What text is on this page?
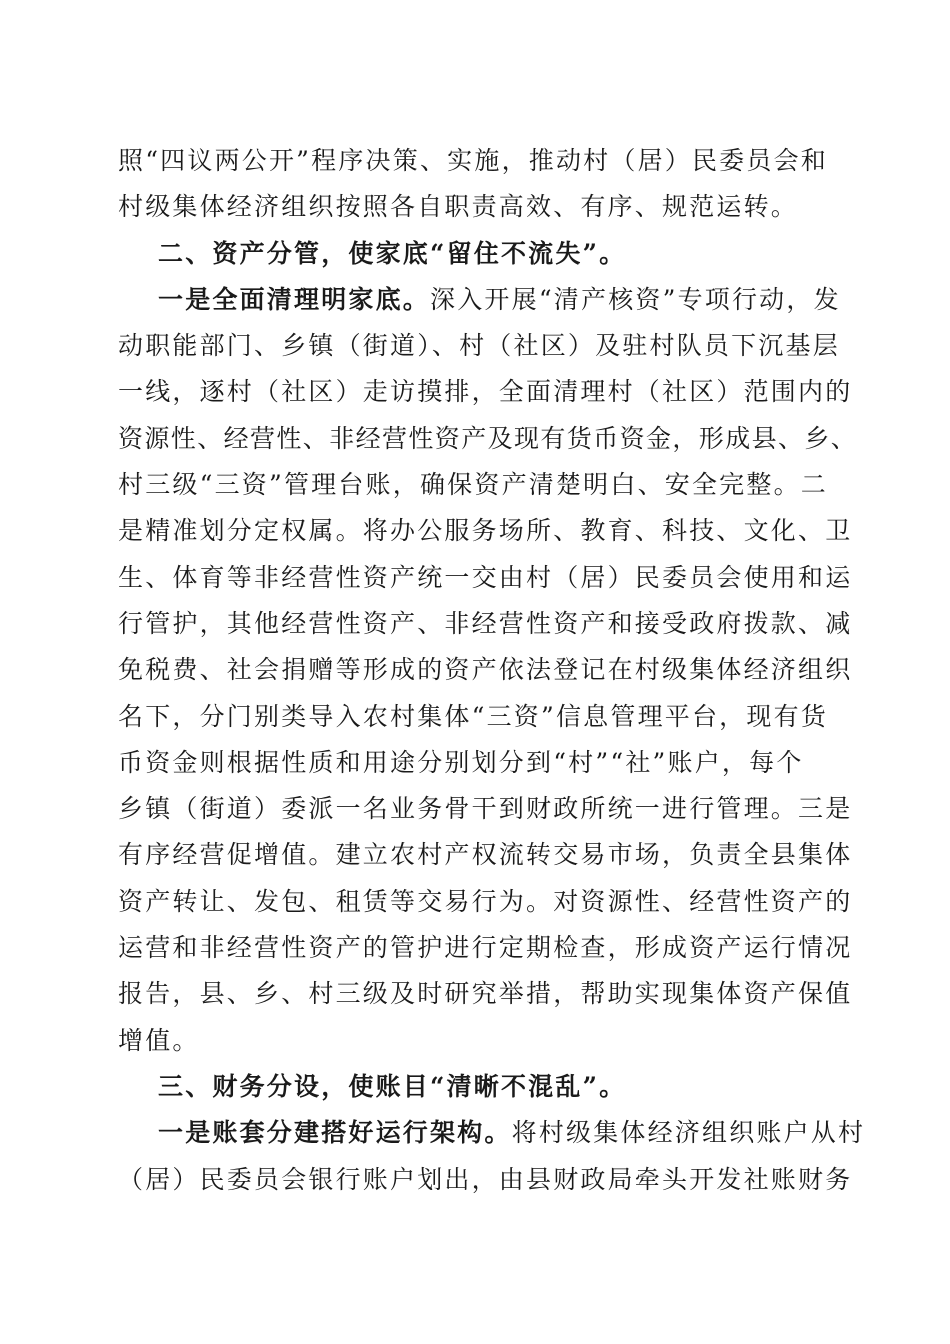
照“四议两公开”程序决策、实施，推动村（居）民委员会和
村级集体经济组织按照各自职责高效、有序、规范运转。
二、资产分管，使家底“留住不流失”。
一是全面清理明家底。深入开展“清产核资”专项行动，发
动职能部门、乡镇（街道）、村（社区）及驻村队员下沉基层
一线，逐村（社区）走访摸排，全面清理村（社区）范围内的
资源性、经营性、非经营性资产及现有货币资金，形成县、乡、
村三级“三资”管理台账，确保资产清楚明白、安全完整。二
是精准划分定权属。将办公服务场所、教育、科技、文化、卫
生、体育等非经营性资产统一交由村（居）民委员会使用和运
行管护，其他经营性资产、非经营性资产和接受政府拨款、减
免税费、社会捐赠等形成的资产依法登记在村级集体经济组织
名下，分门别类导入农村集体“三资”信息管理平台，现有货
币资金则根据性质和用途分别划分到“村”“社”账户，每个
乡镇（街道）委派一名业务骨干到财政所统一进行管理。三是
有序经营促增值。建立农村产权流转交易市场，负责全县集体
资产转让、发包、租赁等交易行为。对资源性、经营性资产的
运营和非经营性资产的管护进行定期检查，形成资产运行情况
报告，县、乡、村三级及时研究举措，帮助实现集体资产保值
增值。
三、财务分设，使账目“清晰不混乱”。
一是账套分建搭好运行架构。将村级集体经济组织账户从村
（居）民委员会银行账户划出，由县财政局牵头开发社账财务
